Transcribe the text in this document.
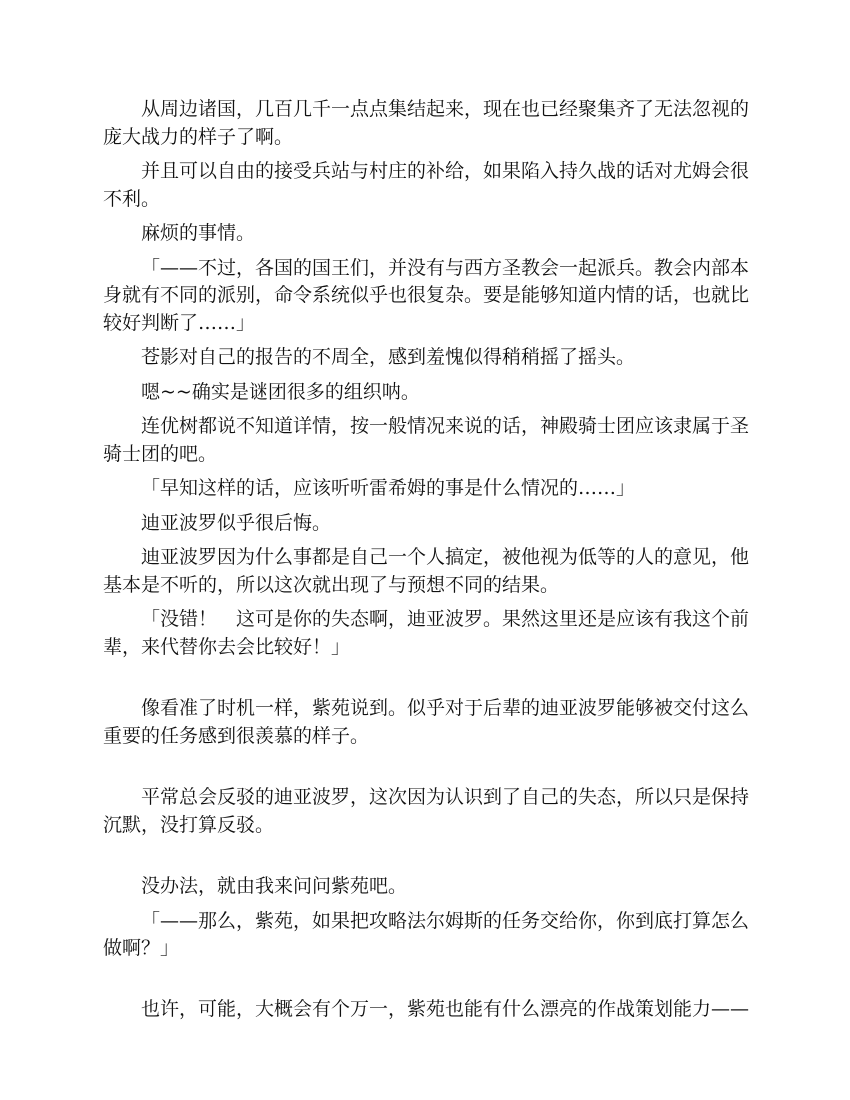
从周边诸国，几百几千一点点集结起来，现在也已经聚集齐了无法忽视的庞大战力的样子了啊。

并且可以自由的接受兵站与村庄的补给，如果陷入持久战的话对尤姆会很不利。

麻烦的事情。

「——不过，各国的国王们，并没有与西方圣教会一起派兵。教会内部本身就有不同的派别，命令系统似乎也很复杂。要是能够知道内情的话，也就比较好判断了……」

苍影对自己的报告的不周全，感到羞愧似得稍稍摇了摇头。

嗯~~确实是谜团很多的组织呐。

连优树都说不知道详情，按一般情况来说的话，神殿骑士团应该隶属于圣骑士团的吧。

「早知这样的话，应该听听雷希姆的事是什么情况的……」

迪亚波罗似乎很后悔。

迪亚波罗因为什么事都是自己一个人搞定，被他视为低等的人的意见，他基本是不听的，所以这次就出现了与预想不同的结果。

「没错！　这可是你的失态啊，迪亚波罗。果然这里还是应该有我这个前辈，来代替你去会比较好！」

像看准了时机一样，紫苑说到。似乎对于后辈的迪亚波罗能够被交付这么重要的任务感到很羡慕的样子。

平常总会反驳的迪亚波罗，这次因为认识到了自己的失态，所以只是保持沉默，没打算反驳。

没办法，就由我来问问紫苑吧。

「——那么，紫苑，如果把攻略法尔姆斯的任务交给你，你到底打算怎么做啊？」

也许，可能，大概会有个万一，紫苑也能有什么漂亮的作战策划能力——
